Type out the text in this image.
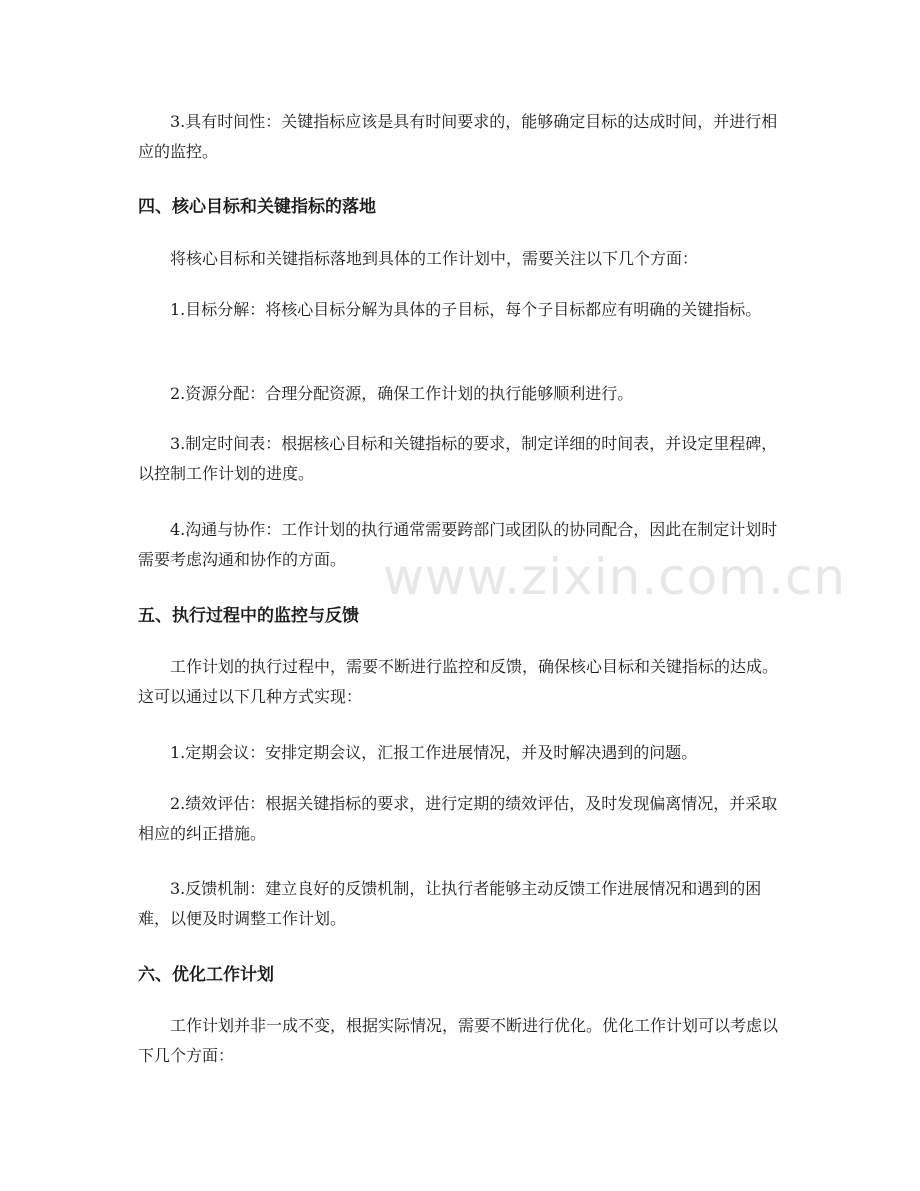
3.具有时间性：关键指标应该是具有时间要求的，能够确定目标的达成时间，并进行相应的监控。

四、核心目标和关键指标的落地

将核心目标和关键指标落地到具体的工作计划中，需要关注以下几个方面：

1.目标分解：将核心目标分解为具体的子目标，每个子目标都应有明确的关键指标。

2.资源分配：合理分配资源，确保工作计划的执行能够顺利进行。

3.制定时间表：根据核心目标和关键指标的要求，制定详细的时间表，并设定里程碑，以控制工作计划的进度。

4.沟通与协作：工作计划的执行通常需要跨部门或团队的协同配合，因此在制定计划时需要考虑沟通和协作的方面。

五、执行过程中的监控与反馈

工作计划的执行过程中，需要不断进行监控和反馈，确保核心目标和关键指标的达成。这可以通过以下几种方式实现：

1.定期会议：安排定期会议，汇报工作进展情况，并及时解决遇到的问题。

2.绩效评估：根据关键指标的要求，进行定期的绩效评估，及时发现偏离情况，并采取相应的纠正措施。

3.反馈机制：建立良好的反馈机制，让执行者能够主动反馈工作进展情况和遇到的困难，以便及时调整工作计划。

六、优化工作计划

工作计划并非一成不变，根据实际情况，需要不断进行优化。优化工作计划可以考虑以下几个方面：

www.zixin.com.cn
